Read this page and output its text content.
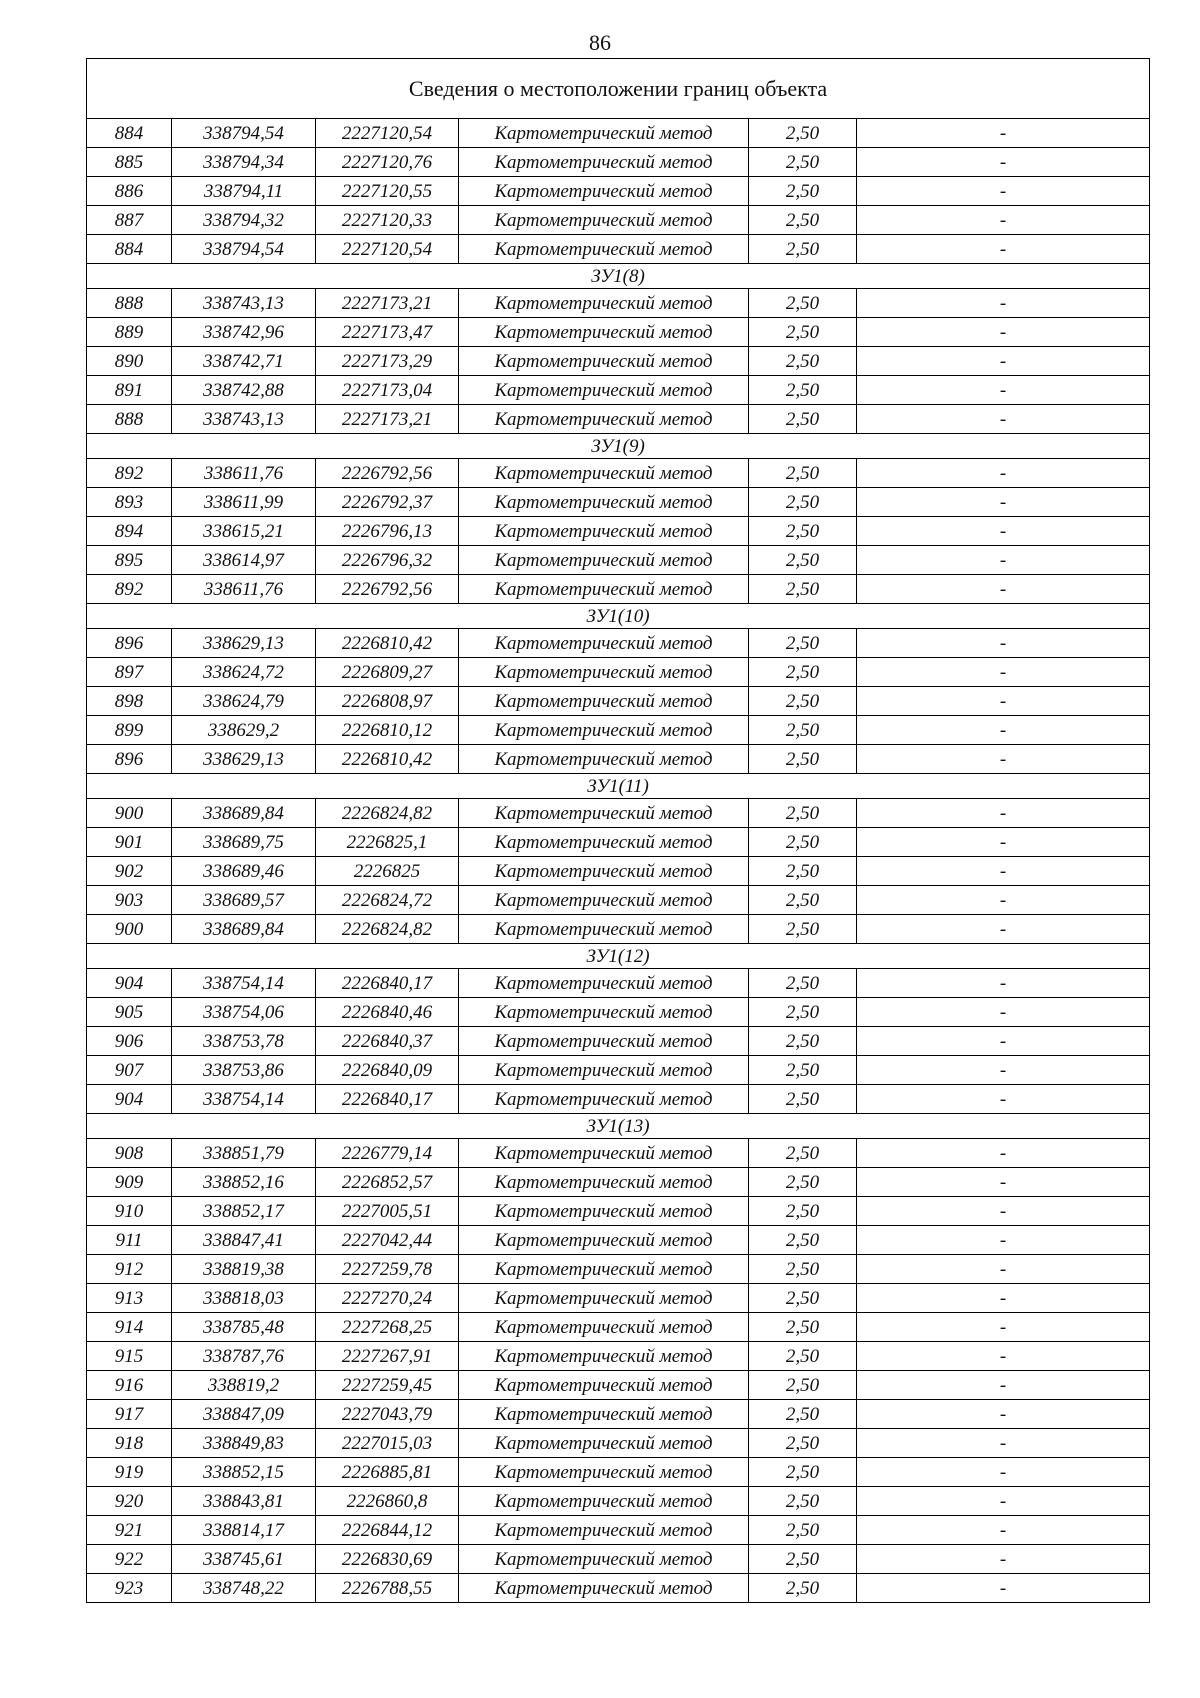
86
Сведения о местоположении границ объекта					
884	338794,54	2227120,54	Картометрический метод	2,50	-
885	338794,34	2227120,76	Картометрический метод	2,50	-
886	338794,11	2227120,55	Картометрический метод	2,50	-
887	338794,32	2227120,33	Картометрический метод	2,50	-
884	338794,54	2227120,54	Картометрический метод	2,50	-
ЗУ1(8)					
888	338743,13	2227173,21	Картометрический метод	2,50	-
889	338742,96	2227173,47	Картометрический метод	2,50	-
890	338742,71	2227173,29	Картометрический метод	2,50	-
891	338742,88	2227173,04	Картометрический метод	2,50	-
888	338743,13	2227173,21	Картометрический метод	2,50	-
ЗУ1(9)					
892	338611,76	2226792,56	Картометрический метод	2,50	-
893	338611,99	2226792,37	Картометрический метод	2,50	-
894	338615,21	2226796,13	Картометрический метод	2,50	-
895	338614,97	2226796,32	Картометрический метод	2,50	-
892	338611,76	2226792,56	Картометрический метод	2,50	-
ЗУ1(10)					
896	338629,13	2226810,42	Картометрический метод	2,50	-
897	338624,72	2226809,27	Картометрический метод	2,50	-
898	338624,79	2226808,97	Картометрический метод	2,50	-
899	338629,2	2226810,12	Картометрический метод	2,50	-
896	338629,13	2226810,42	Картометрический метод	2,50	-
ЗУ1(11)					
900	338689,84	2226824,82	Картометрический метод	2,50	-
901	338689,75	2226825,1	Картометрический метод	2,50	-
902	338689,46	2226825	Картометрический метод	2,50	-
903	338689,57	2226824,72	Картометрический метод	2,50	-
900	338689,84	2226824,82	Картометрический метод	2,50	-
ЗУ1(12)					
904	338754,14	2226840,17	Картометрический метод	2,50	-
905	338754,06	2226840,46	Картометрический метод	2,50	-
906	338753,78	2226840,37	Картометрический метод	2,50	-
907	338753,86	2226840,09	Картометрический метод	2,50	-
904	338754,14	2226840,17	Картометрический метод	2,50	-
ЗУ1(13)					
908	338851,79	2226779,14	Картометрический метод	2,50	-
909	338852,16	2226852,57	Картометрический метод	2,50	-
910	338852,17	2227005,51	Картометрический метод	2,50	-
911	338847,41	2227042,44	Картометрический метод	2,50	-
912	338819,38	2227259,78	Картометрический метод	2,50	-
913	338818,03	2227270,24	Картометрический метод	2,50	-
914	338785,48	2227268,25	Картометрический метод	2,50	-
915	338787,76	2227267,91	Картометрический метод	2,50	-
916	338819,2	2227259,45	Картометрический метод	2,50	-
917	338847,09	2227043,79	Картометрический метод	2,50	-
918	338849,83	2227015,03	Картометрический метод	2,50	-
919	338852,15	2226885,81	Картометрический метод	2,50	-
920	338843,81	2226860,8	Картометрический метод	2,50	-
921	338814,17	2226844,12	Картометрический метод	2,50	-
922	338745,61	2226830,69	Картометрический метод	2,50	-
923	338748,22	2226788,55	Картометрический метод	2,50	-
